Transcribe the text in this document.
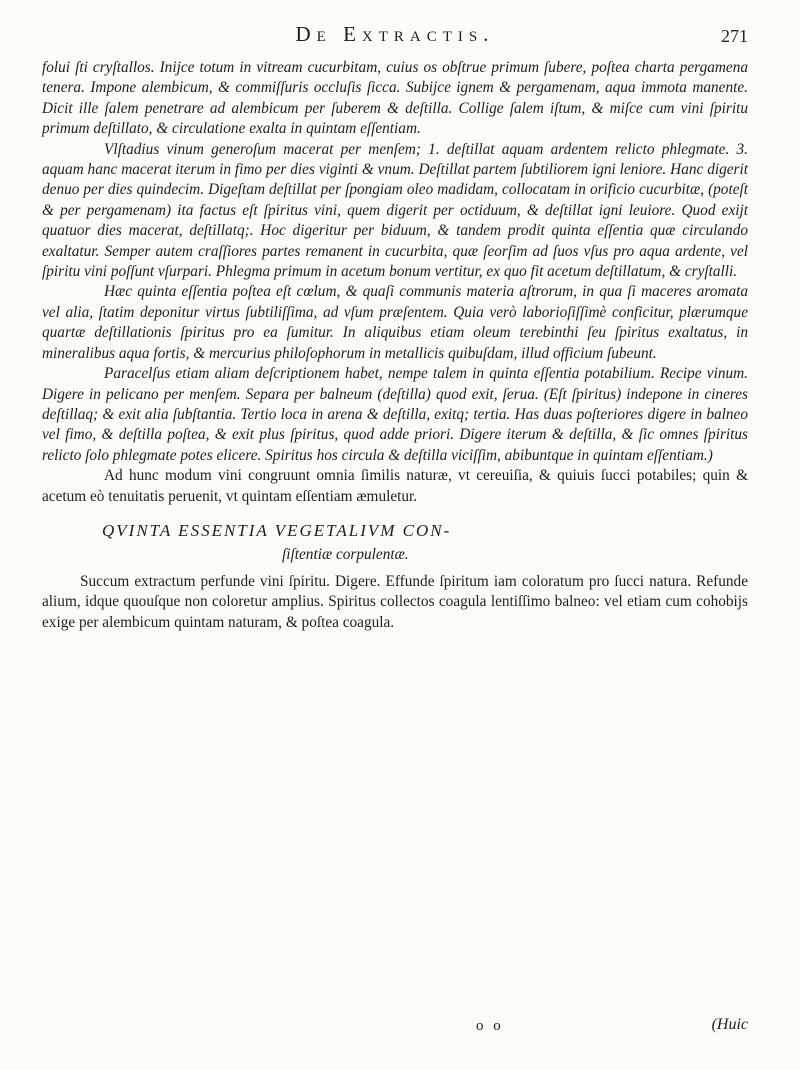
De Extractis.	271

folui ſti cryſtallos. Inijce totum in vitream cucurbitam, cuius os obſtrue primum ſubere, poſtea charta pergamena tenera. Impone alembicum, & commiſſuris occluſis ſicca. Subijce ignem & pergamenam, aqua immota manente. Dicit ille ſalem penetrare ad alembicum per ſuberem & deſtilla. Collige ſalem iſtum, & miſce cum vini ſpiritu primum deſtillato, & circulatione exalta in quintam eſſentiam.

Vlſtadius vinum generoſum macerat per menſem; 1. deſtillat aquam ardentem relicto phlegmate. 3. aquam hanc macerat iterum in fimo per dies viginti & vnum. Deſtillat partem ſubtiliorem igni leniore. Hanc digerit denuo per dies quindecim. Digeſtam deſtillat per ſpongiam oleo madidam, collocatam in orificio cucurbitæ, (poteſt & per pergamenam) ita factus eſt ſpiritus vini, quem digerit per octiduum, & deſtillat igni leuiore. Quod exijt quatuor dies macerat, deſtillatq;. Hoc digeritur per biduum, & tandem prodit quinta eſſentia quæ circulando exaltatur. Semper autem craſſiores partes remanent in cucurbita, quæ ſeorſim ad ſuos vſus pro aqua ardente, vel ſpiritu vini poſſunt vſurpari. Phlegma primum in acetum bonum vertitur, ex quo fit acetum deſtillatum, & cryſtalli.

Hæc quinta eſſentia poſtea eſt cœlum, & quaſi communis materia aſtrorum, in qua ſi maceres aromata vel alia, ſtatim deponitur virtus ſubtiliſſima, ad vſum præſentem. Quia verò laborioſiſſimè conficitur, plærumque quartæ deſtillationis ſpiritus pro ea ſumitur. In aliquibus etiam oleum terebinthi ſeu ſpiritus exaltatus, in mineralibus aqua fortis, & mercurius philoſophorum in metallicis quibuſdam, illud officium ſubeunt.

Paracelſus etiam aliam deſcriptionem habet, nempe talem in quinta eſſentia potabilium. Recipe vinum. Digere in pelicano per menſem. Separa per balneum (deſtilla) quod exit, ſerua. (Eſt ſpiritus) indepone in cineres deſtillaq; & exit alia ſubſtantia. Tertio loca in arena & deſtilla, exitq; tertia. Has duas poſteriores digere in balneo vel fimo, & deſtilla poſtea, & exit plus ſpiritus, quod adde priori. Digere iterum & deſtilla, & ſic omnes ſpiritus relicto ſolo phlegmate potes elicere. Spiritus hos circula & deſtilla viciſſim, abibuntque in quintam eſſentiam.)

Ad hunc modum vini congruunt omnia ſimilis naturæ, vt cereuiſia, & quiuis ſucci potabiles; quin & acetum eò tenuitatis peruenit, vt quintam eſſentiam æmuletur.

QVINTA ESSENTIA VEGETALIVM CON-
ſiſtentiæ corpulentæ.

Succum extractum perfunde vini ſpiritu. Digere. Effunde ſpiritum iam coloratum pro ſucci natura. Refunde alium, idque quouſque non coloretur amplius. Spiritus collectos coagula lentiſſimo balneo: vel etiam cum cohobijs exige per alembicum quintam naturam, & poſtea coagula.

o o	(Huic
